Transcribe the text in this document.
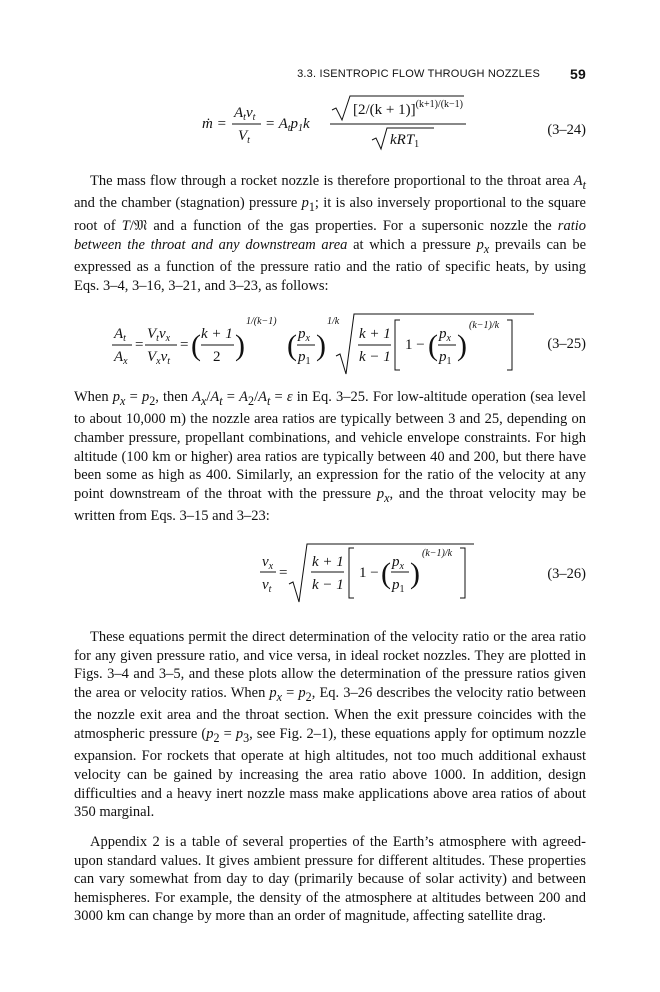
3.3. ISENTROPIC FLOW THROUGH NOZZLES 59
ṁ =
$A_tv_t$
$V_t$
= $A_tp_1k$
$[2/(k + 1)]^{(k+1)/(k-1)}$
kRT$_1$
(3–24)

The mass flow through a rocket nozzle is therefore proportional to the throat area $A_t$ and the chamber (stagnation) pressure $p_1$; it is also inversely proportional to the square root of T/𝔐 and a function of the gas properties. For a supersonic nozzle the ratio between the throat and any downstream area at which a pressure $p_x$ prevails can be expressed as a function of the pressure ratio and the ratio of specific heats, by using Eqs. 3–4, 3–16, 3–21, and 3–23, as follows:

$A_t$
$A_x$
=
$V_tv_x$
$V_xv_t$
= ( k + 1
2 )
1/(k−1)
( $p_x$
$p_1$ )
1/k
k + 1
k − 1
1 − ( $p_x$
$p_1$ )
(k−1)/k
(3–25)

When $p_x = p_2$, then $A_x/A_t = A_2/A_t = \varepsilon$ in Eq. 3–25. For low-altitude operation (sea level to about 10,000 m) the nozzle area ratios are typically between 3 and 25, depending on chamber pressure, propellant combinations, and vehicle envelope constraints. For high altitude (100 km or higher) area ratios are typically between 40 and 200, but there have been some as high as 400. Similarly, an expression for the ratio of the velocity at any point downstream of the throat with the pressure $p_x$, and the throat velocity may be written from Eqs. 3–15 and 3–23:

$v_x$
$v_t$
=
k + 1
k − 1
1 − ( $p_x$
$p_1$ )
(k−1)/k
(3–26)

These equations permit the direct determination of the velocity ratio or the area ratio for any given pressure ratio, and vice versa, in ideal rocket nozzles. They are plotted in Figs. 3–4 and 3–5, and these plots allow the determination of the pressure ratios given the area or velocity ratios. When $p_x = p_2$, Eq. 3–26 describes the velocity ratio between the nozzle exit area and the throat section. When the exit pressure coincides with the atmospheric pressure ($p_2 = p_3$, see Fig. 2–1), these equations apply for optimum nozzle expansion. For rockets that operate at high altitudes, not too much additional exhaust velocity can be gained by increasing the area ratio above 1000. In addition, design difficulties and a heavy inert nozzle mass make applications above area ratios of about 350 marginal.

Appendix 2 is a table of several properties of the Earth’s atmosphere with agreed-upon standard values. It gives ambient pressure for different altitudes. These properties can vary somewhat from day to day (primarily because of solar activity) and between hemispheres. For example, the density of the atmosphere at altitudes between 200 and 3000 km can change by more than an order of magnitude, affecting satellite drag.
